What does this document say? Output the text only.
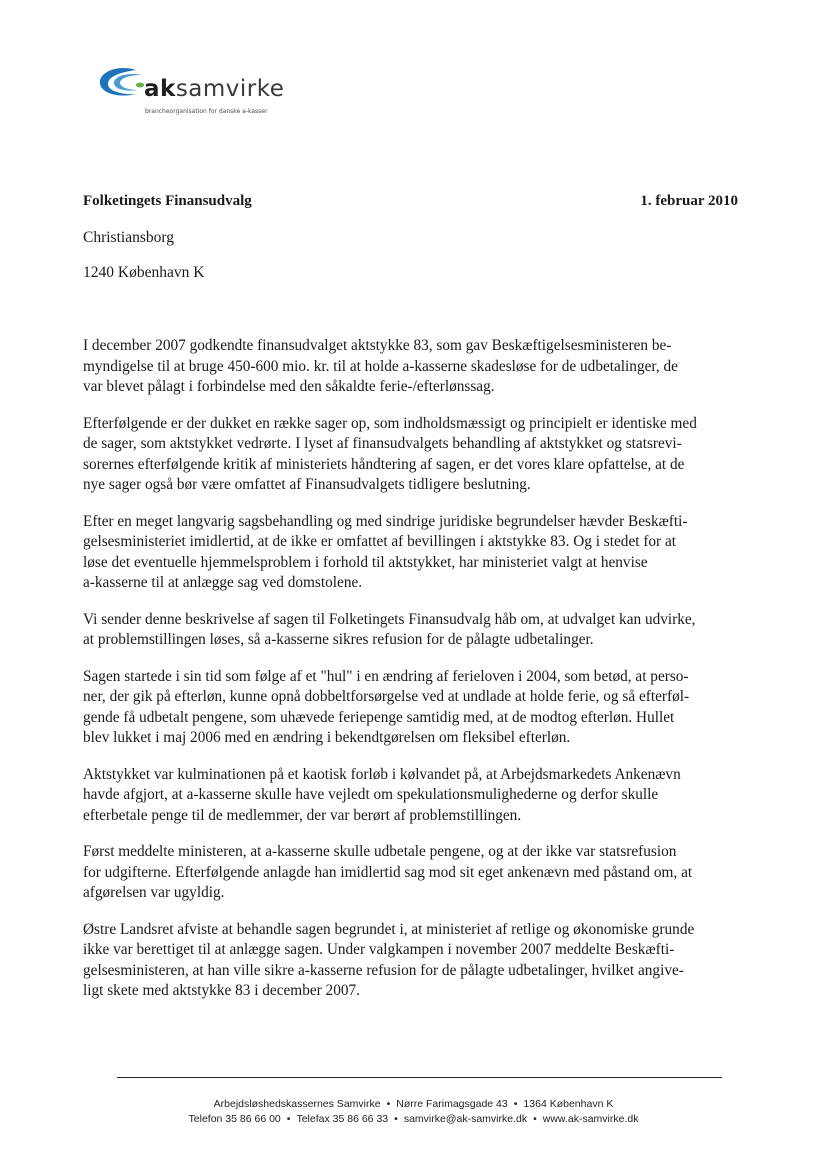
aksamvirke
brancheorganisation for danske a-kasser
Folketingets Finansudvalg	1. februar 2010
Christiansborg
1240 København K

I december 2007 godkendte finansudvalget aktstykke 83, som gav Beskæftigelsesministeren be-
myndigelse til at bruge 450-600 mio. kr. til at holde a-kasserne skadesløse for de udbetalinger, de
var blevet pålagt i forbindelse med den såkaldte ferie-/efterlønssag.

Efterfølgende er der dukket en række sager op, som indholdsmæssigt og principielt er identiske med
de sager, som aktstykket vedrørte. I lyset af finansudvalgets behandling af aktstykket og statsrevi-
sorernes efterfølgende kritik af ministeriets håndtering af sagen, er det vores klare opfattelse, at de
nye sager også bør være omfattet af Finansudvalgets tidligere beslutning.

Efter en meget langvarig sagsbehandling og med sindrige juridiske begrundelser hævder Beskæfti-
gelsesministeriet imidlertid, at de ikke er omfattet af bevillingen i aktstykke 83. Og i stedet for at
løse det eventuelle hjemmelsproblem i forhold til aktstykket, har ministeriet valgt at henvise
a-kasserne til at anlægge sag ved domstolene.

Vi sender denne beskrivelse af sagen til Folketingets Finansudvalg håb om, at udvalget kan udvirke,
at problemstillingen løses, så a-kasserne sikres refusion for de pålagte udbetalinger.

Sagen startede i sin tid som følge af et "hul" i en ændring af ferieloven i 2004, som betød, at perso-
ner, der gik på efterløn, kunne opnå dobbeltforsørgelse ved at undlade at holde ferie, og så efterføl-
gende få udbetalt pengene, som uhævede feriepenge samtidig med, at de modtog efterløn. Hullet
blev lukket i maj 2006 med en ændring i bekendtgørelsen om fleksibel efterløn.

Aktstykket var kulminationen på et kaotisk forløb i kølvandet på, at Arbejdsmarkedets Ankenævn
havde afgjort, at a-kasserne skulle have vejledt om spekulationsmulighederne og derfor skulle
efterbetale penge til de medlemmer, der var berørt af problemstillingen.

Først meddelte ministeren, at a-kasserne skulle udbetale pengene, og at der ikke var statsrefusion
for udgifterne. Efterfølgende anlagde han imidlertid sag mod sit eget ankenævn med påstand om, at
afgørelsen var ugyldig.

Østre Landsret afviste at behandle sagen begrundet i, at ministeriet af retlige og økonomiske grunde
ikke var berettiget til at anlægge sagen. Under valgkampen i november 2007 meddelte Beskæfti-
gelsesministeren, at han ville sikre a-kasserne refusion for de pålagte udbetalinger, hvilket angive-
ligt skete med aktstykke 83 i december 2007.

Arbejdsløshedskassernes Samvirke • Nørre Farimagsgade 43 • 1364 København K
Telefon 35 86 66 00 • Telefax 35 86 66 33 • samvirke@ak-samvirke.dk • www.ak-samvirke.dk
